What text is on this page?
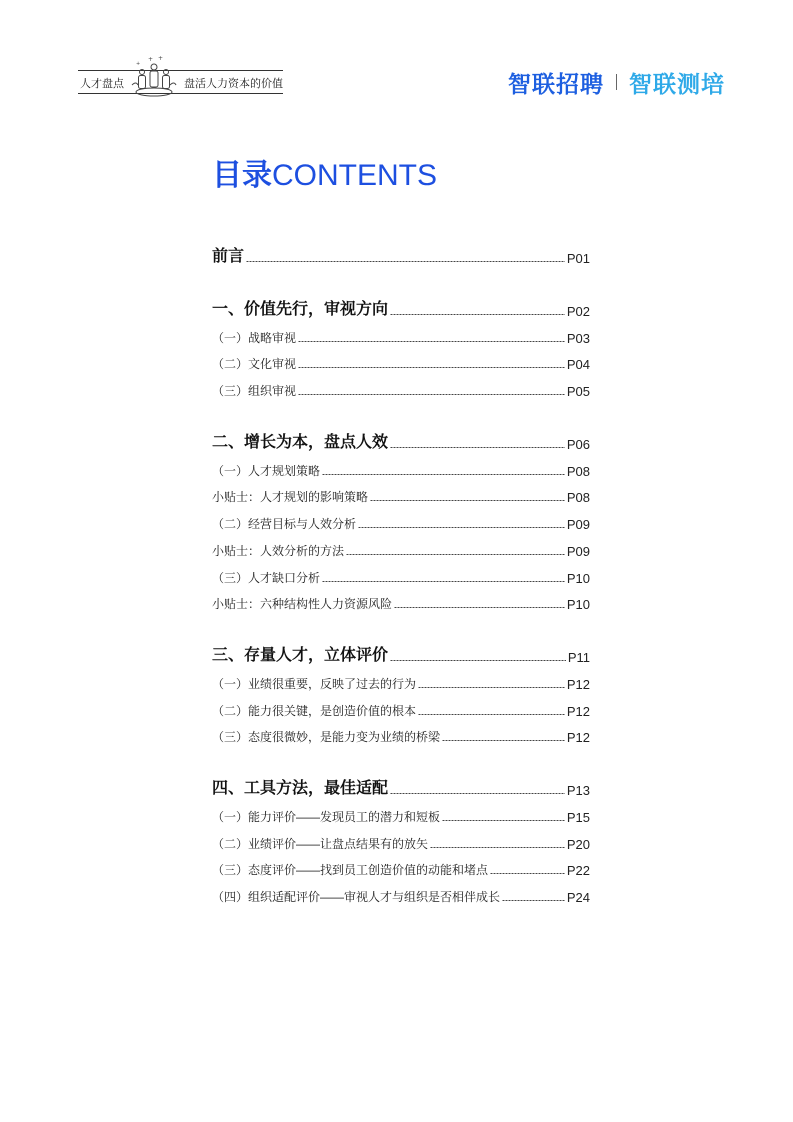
人才盘点
+ +
+
盘活人力资本的价值	智联招聘 智联测培
目录 CONTENTS
前言	P01
一、价值先行，审视方向	P02
（一）战略审视	P03
（二）文化审视	P04
（三）组织审视	P05
二、增长为本，盘点人效	P06
（一）人才规划策略	P08
小贴士：人才规划的影响策略	P08
（二）经营目标与人效分析	P09
小贴士：人效分析的方法	P09
（三）人才缺口分析	P10
小贴士：六种结构性人力资源风险	P10
三、存量人才，立体评价	P11
（一）业绩很重要，反映了过去的行为	P12
（二）能力很关键，是创造价值的根本	P12
（三）态度很微妙，是能力变为业绩的桥梁	P12
四、工具方法，最佳适配	P13
（一）能力评价——发现员工的潜力和短板	P15
（二）业绩评价——让盘点结果有的放矢	P20
（三）态度评价——找到员工创造价值的动能和堵点	P22
（四）组织适配评价——审视人才与组织是否相伴成长	P24
